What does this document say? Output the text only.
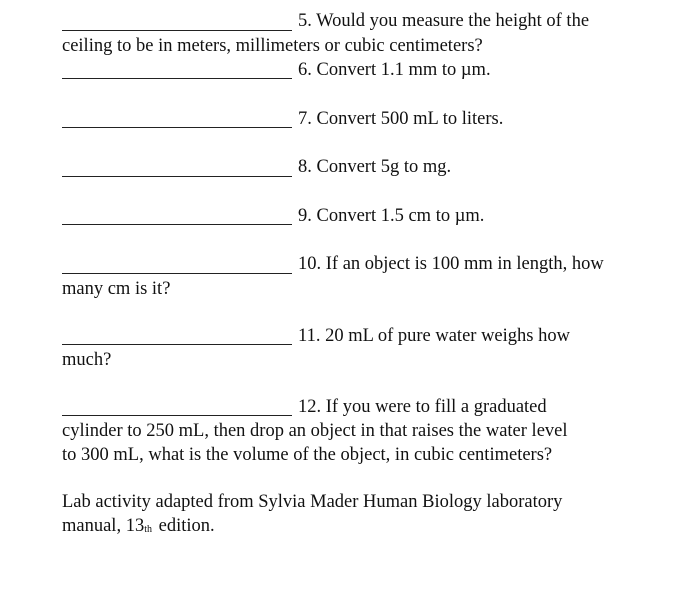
5. Would you measure the height of the
ceiling to be in meters, millimeters or cubic centimeters?
6. Convert 1.1 mm to µm.
7. Convert 500 mL to liters.
8. Convert 5g to mg.
9. Convert 1.5 cm to µm.
10. If an object is 100 mm in length, how
many cm is it?
11. 20 mL of pure water weighs how
much?
12. If you were to fill a graduated
cylinder to 250 mL, then drop an object in that raises the water level
to 300 mL, what is the volume of the object, in cubic centimeters?
Lab activity adapted from Sylvia Mader Human Biology laboratory
manual, $13_{th}$ edition.
